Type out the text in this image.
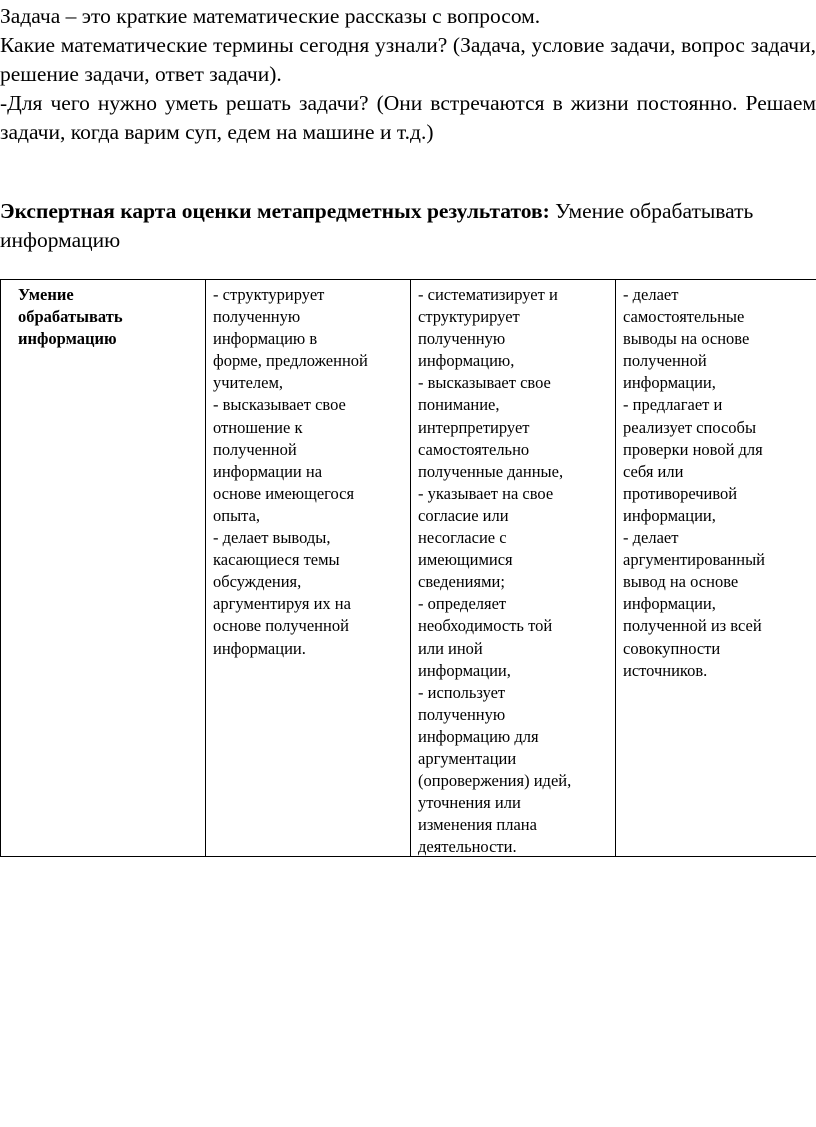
Задача – это краткие математические рассказы с вопросом.

Какие математические термины сегодня узнали? (Задача, условие задачи, вопрос задачи, решение задачи, ответ задачи).

-Для чего нужно уметь решать задачи? (Они встречаются в жизни постоянно. Решаем задачи, когда варим суп, едем на машине и т.д.)

Экспертная карта оценки метапредметных результатов: Умение обрабатывать информацию

Умение
обрабатывать
информацию

- структурирует
полученную
информацию в
форме, предложенной
учителем,
- высказывает свое
отношение к
полученной
информации на
основе имеющегося
опыта,
- делает выводы,
касающиеся темы
обсуждения,
аргументируя их на
основе полученной
информации.

- систематизирует и
структурирует
полученную
информацию,
- высказывает свое
понимание,
интерпретирует
самостоятельно
полученные данные,
- указывает на свое
согласие или
несогласие с
имеющимися
сведениями;
- определяет
необходимость той
или иной
информации,
- использует
полученную
информацию для
аргументации
(опровержения) идей,
уточнения или
изменения плана
деятельности.

- делает
самостоятельные
выводы на основе
полученной
информации,
- предлагает и
реализует способы
проверки новой для
себя или
противоречивой
информации,
- делает
аргументированный
вывод на основе
информации,
полученной из всей
совокупности
источников.
